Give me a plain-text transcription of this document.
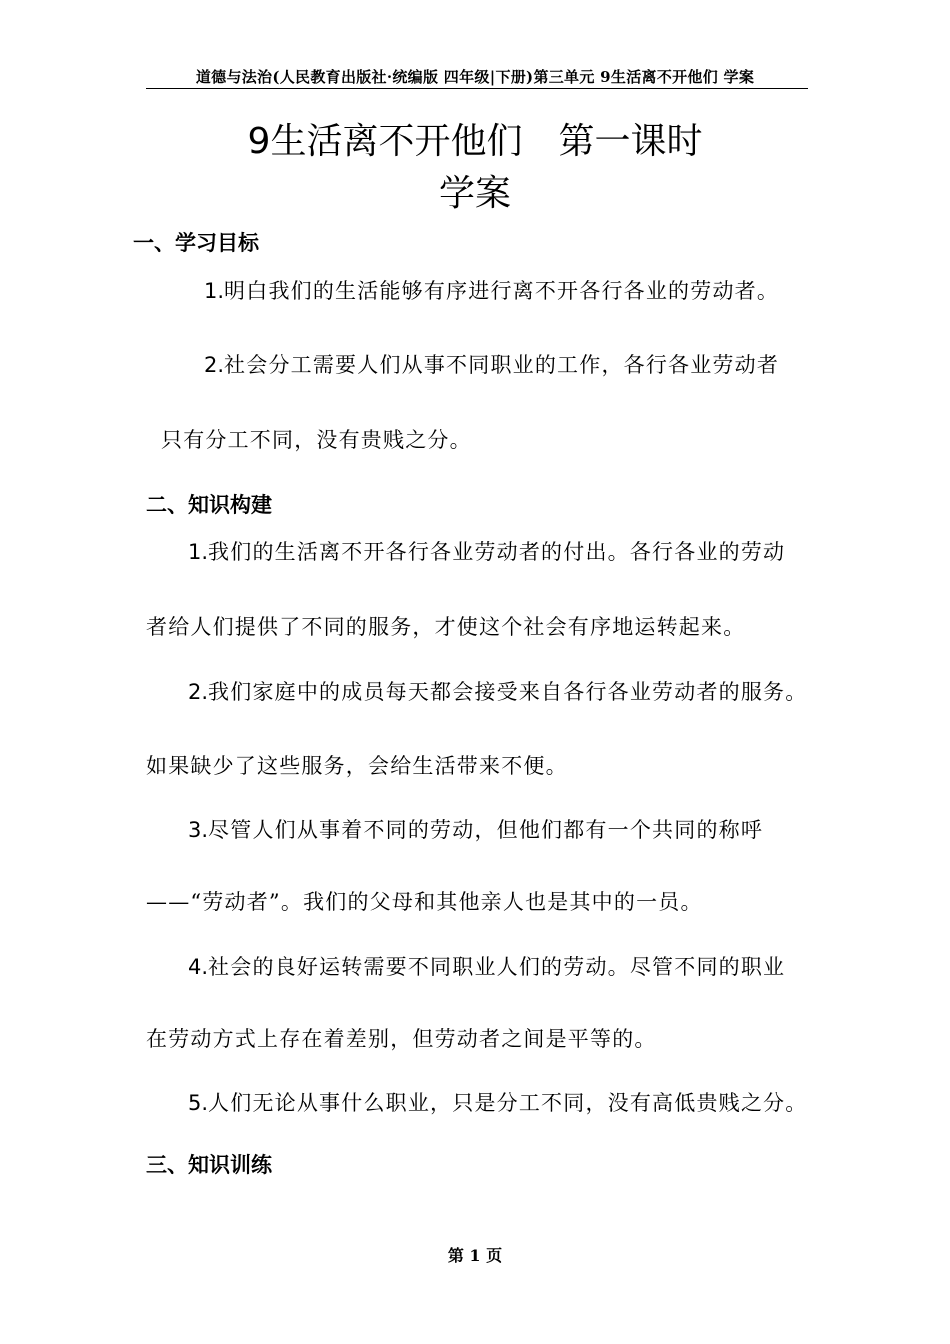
道德与法治(人民教育出版社·统编版 四年级|下册)第三单元 9生活离不开他们 学案
9生活离不开他们　第一课时
学案
一、学习目标
1.明白我们的生活能够有序进行离不开各行各业的劳动者。
2.社会分工需要人们从事不同职业的工作，各行各业劳动者
只有分工不同，没有贵贱之分。
二、知识构建
1.我们的生活离不开各行各业劳动者的付出。各行各业的劳动
者给人们提供了不同的服务，才使这个社会有序地运转起来。
2.我们家庭中的成员每天都会接受来自各行各业劳动者的服务。
如果缺少了这些服务，会给生活带来不便。
3.尽管人们从事着不同的劳动，但他们都有一个共同的称呼
——“劳动者”。我们的父母和其他亲人也是其中的一员。
4.社会的良好运转需要不同职业人们的劳动。尽管不同的职业
在劳动方式上存在着差别，但劳动者之间是平等的。
5.人们无论从事什么职业，只是分工不同，没有高低贵贱之分。
三、知识训练
第 1 页
